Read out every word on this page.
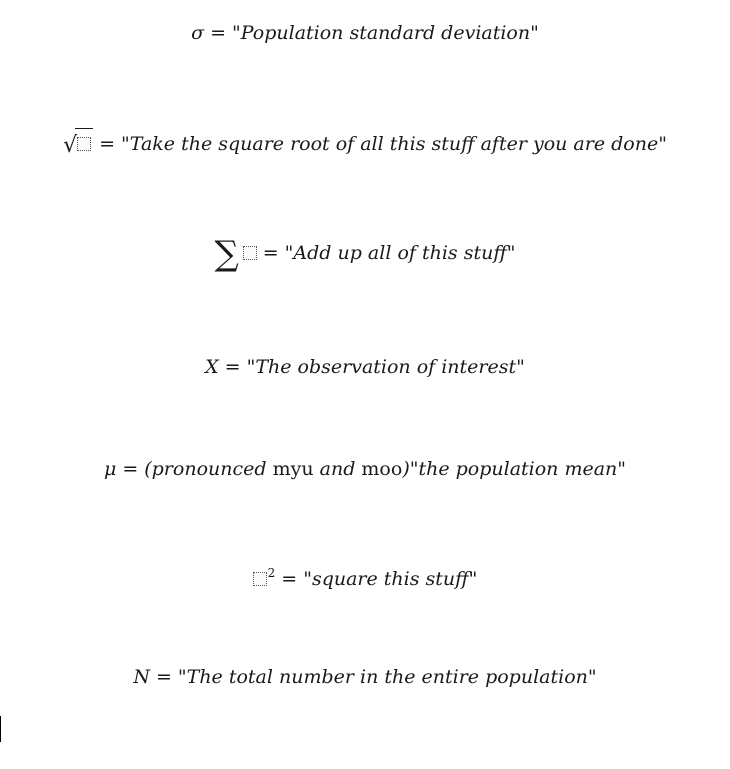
σ = "Population standard deviation"
√ = "Take the square root of all this stuff after you are done"
∑ = "Add up all of this stuff"
X = "The observation of interest"
μ = (pronounced myu and moo)"the population mean"
$^2$ = "square this stuff"
N = "The total number in the entire population"
